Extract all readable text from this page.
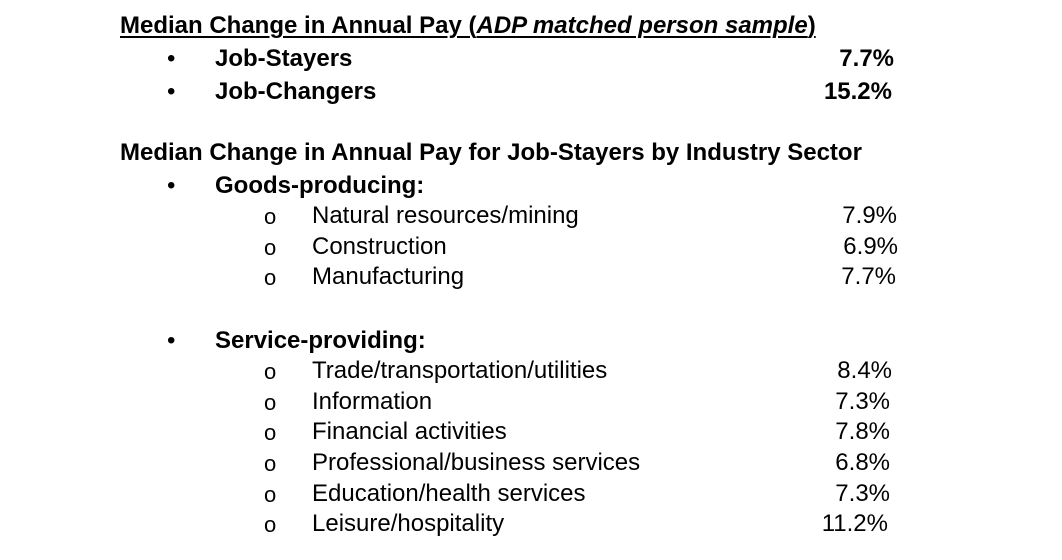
Median Change in Annual Pay (ADP matched person sample)
• Job-Stayers	7.7%
• Job-Changers	15.2%
Median Change in Annual Pay for Job-Stayers by Industry Sector
• Goods-producing:
o Natural resources/mining	7.9%
o Construction	6.9%
o Manufacturing	7.7%
• Service-providing:
o Trade/transportation/utilities	8.4%
o Information	7.3%
o Financial activities	7.8%
o Professional/business services	6.8%
o Education/health services	7.3%
o Leisure/hospitality	11.2%
